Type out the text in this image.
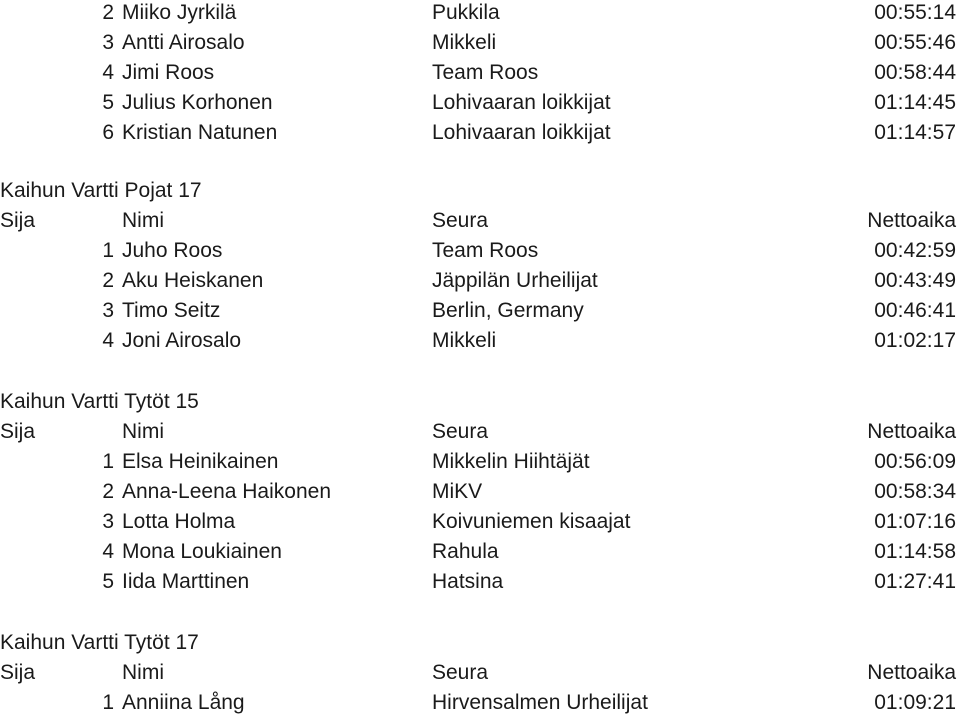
2 Miiko Jyrkilä	Pukkila	00:55:14
3 Antti Airosalo	Mikkeli	00:55:46
4 Jimi Roos	Team Roos	00:58:44
5 Julius Korhonen	Lohivaaran loikkijat	01:14:45
6 Kristian Natunen	Lohivaaran loikkijat	01:14:57
Kaihun Vartti Pojat 17
Sija	Nimi	Seura	Nettoaika
1 Juho Roos	Team Roos	00:42:59
2 Aku Heiskanen	Jäppilän Urheilijat	00:43:49
3 Timo Seitz	Berlin, Germany	00:46:41
4 Joni Airosalo	Mikkeli	01:02:17
Kaihun Vartti Tytöt 15
Sija	Nimi	Seura	Nettoaika
1 Elsa Heinikainen	Mikkelin Hiihtäjät	00:56:09
2 Anna-Leena Haikonen	MiKV	00:58:34
3 Lotta Holma	Koivuniemen kisaajat	01:07:16
4 Mona Loukiainen	Rahula	01:14:58
5 Iida Marttinen	Hatsina	01:27:41
Kaihun Vartti Tytöt 17
Sija	Nimi	Seura	Nettoaika
1 Anniina Lång	Hirvensalmen Urheilijat	01:09:21
